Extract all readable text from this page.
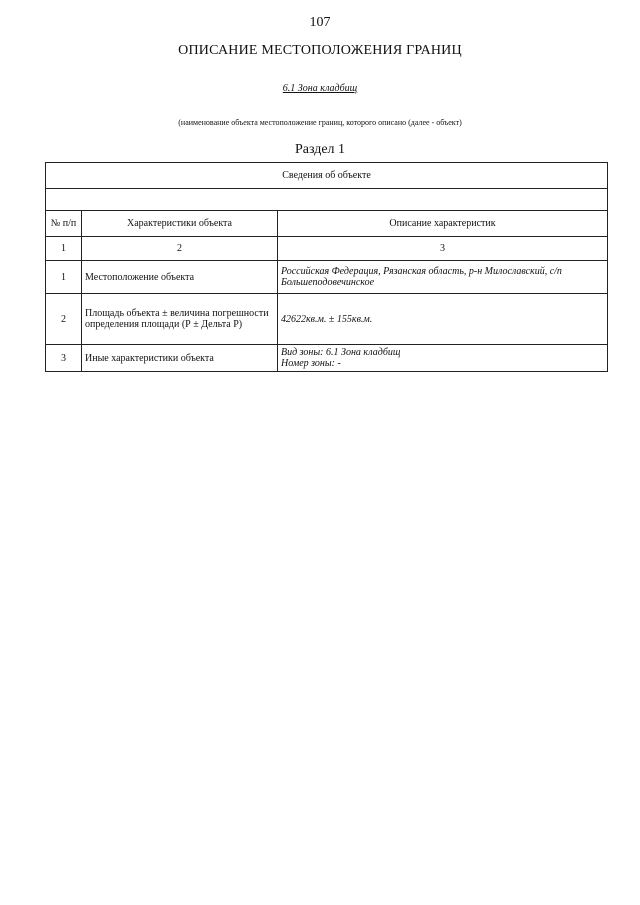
107
ОПИСАНИЕ МЕСТОПОЛОЖЕНИЯ ГРАНИЦ
6.1 Зона кладбищ
(наименование объекта местоположение границ, которого описано (далее - объект)
Раздел 1
Сведения об объекте		

№ п/п	Характеристики объекта	Описание характеристик
1	2	3
1	Местоположение объекта	Российская Федерация, Рязанская область, р-н Милославский, с/п Большеподовечинское

2	Площадь объекта ± величина погрешности определения площади (Р ± Дельта Р)	42622кв.м. ± 155кв.м.

3	Иные характеристики объекта	Вид зоны: 6.1 Зона кладбищ
Номер зоны: -
